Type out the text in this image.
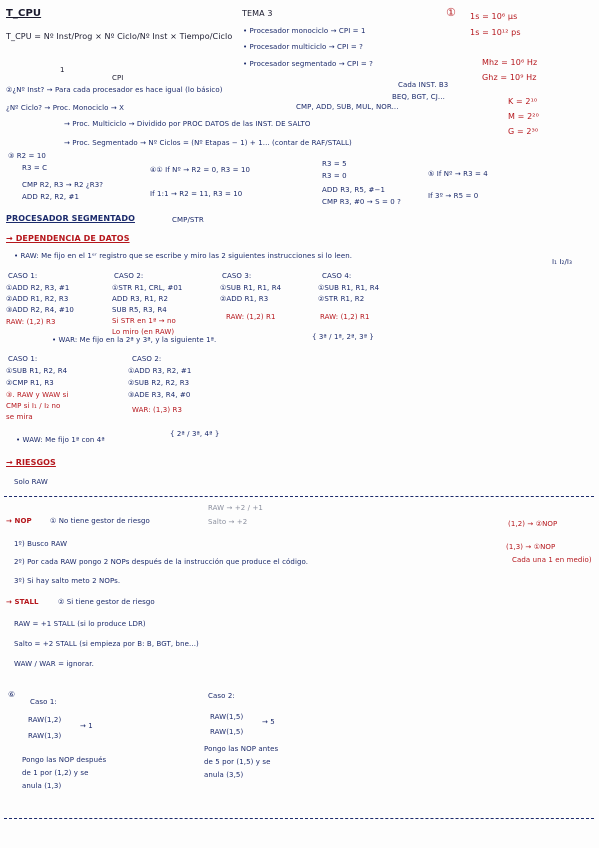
T_CPU	TEMA 3
T_CPU = Nº Inst/Prog × Nº Ciclo/Nº Inst × Tiempo/Ciclo
1
CPI
• Procesador monociclo → CPI = 1
• Procesador multiciclo → CPI = ?
• Procesador segmentado → CPI = ?
① 1s = 10⁶ µs
1s = 10¹² ps
Mhz = 10⁶ Hz
Ghz = 10⁹ Hz
②¿Nº Inst? → Para cada procesador es hace igual (lo básico)
¿Nº Ciclo? → Proc. Monociclo → X
Cada INST. B3
BEQ, BGT, CJ...
CMP, ADD, SUB, MUL, NOR...
→ Proc. Multiciclo → Dividido por PROC DATOS de las INST. DE SALTO
→ Proc. Segmentado → Nº Ciclos = (Nº Etapas − 1) + 1... (contar de RAF/STALL)
K = 2¹⁰
M = 2²⁰
G = 2³⁰
③ R2 = 10
R3 = C
CMP R2, R3 → R2 ¿R3?
ADD R2, R2, #1
④① If Nº → R2 = 0, R3 = 10
If 1:1 → R2 = 11, R3 = 10
R3 = 5
R3 = 0
ADD R3, R5, #−1
CMP R3, #0 → S = 0 ?
⑤ If Nº → R3 = 4
If 3º → R5 = 0
PROCESADOR SEGMENTADO	CMP/STR
→ DEPENDENCIA DE DATOS
• RAW: Me fijo en el 1ᵉʳ registro que se escribe y miro las 2 siguientes instrucciones si lo leen.
I₁ I₂/I₃
CASO 1:
①ADD R2, R3, #1
②ADD R1, R2, R3
③ADD R2, R4, #10
RAW: (1,2) R3
CASO 2:
①STR R1, CRL, #01
ADD R3, R1, R2
SUB R5, R3, R4
Si STR en 1ª → no
Lo miro (en RAW)
CASO 3:
①SUB R1, R1, R4
②ADD R1, R3
RAW: (1,2) R1
CASO 4:
①SUB R1, R1, R4
②STR R1, R2
RAW: (1,2) R1
• WAR: Me fijo en la 2ª y 3ª, y la siguiente 1ª.	{ 3ª / 1ª, 2ª, 3ª }
CASO 1:
①SUB R1, R2, R4
②CMP R1, R3
③. RAW y WAW si
CMP si I₁ / I₂ no
se mira
CASO 2:
①ADD R3, R2, #1
②SUB R2, R2, R3
③ADE R3, R4, #0
WAR: (1,3) R3
• WAW: Me fijo 1ª con 4ª
{ 2ª / 3ª, 4ª }
→ RIESGOS
Solo RAW
RAW → +2 / +1
Salto → +2
→ NOP	① No tiene gestor de riesgo
1º) Busco RAW
2º) Por cada RAW pongo 2 NOPs después de la instrucción que produce el código.
3º) Si hay salto meto 2 NOPs.
(1,2) → ②NOP
(1,3) → ①NOP
Cada una 1 en medio)
→ STALL	② Si tiene gestor de riesgo
RAW = +1 STALL (si lo produce LDR)
Salto = +2 STALL (si empieza por B: B, BGT, bne...)
WAW / WAR = ignorar.
⑥
Caso 1:
RAW(1,2)
RAW(1,3)
→ 1
Pongo las NOP después
de 1 por (1,2) y se
anula (1,3)
Caso 2:
RAW(1,5)
RAW(1,5)
→ 5
Pongo las NOP antes
de 5 por (1,5) y se
anula (3,5)
